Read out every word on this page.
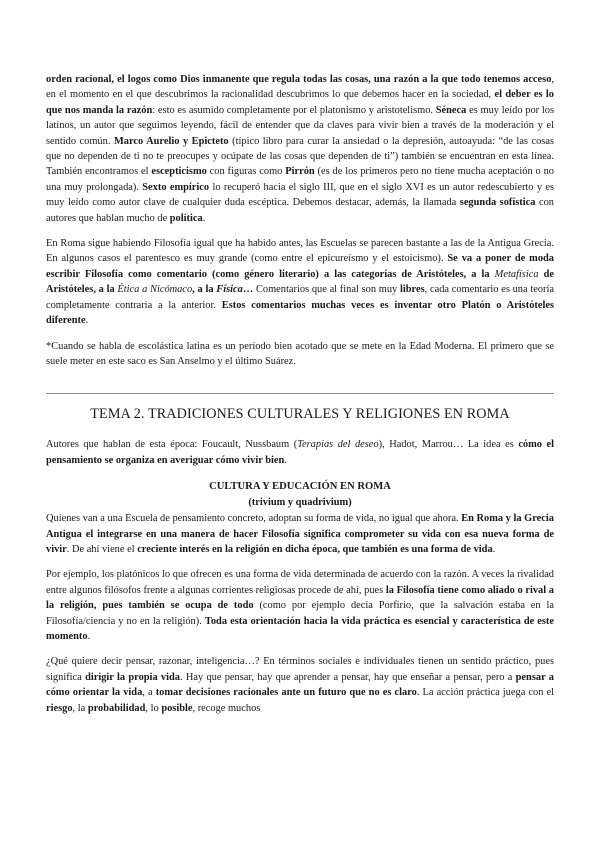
orden racional, el logos como Dios inmanente que regula todas las cosas, una razón a la que todo tenemos acceso, en el momento en el que descubrimos la racionalidad descubrimos lo que debemos hacer en la sociedad, el deber es lo que nos manda la razón: esto es asumido completamente por el platonismo y aristotelismo. Séneca es muy leído por los latinos, un autor que seguimos leyendo, fácil de entender que da claves para vivir bien a través de la moderación y el sentido común. Marco Aurelio y Epicteto (típico libro para curar la ansiedad o la depresión, autoayuda: “de las cosas que no dependen de ti no te preocupes y ocúpate de las cosas que dependen de ti”) también se encuentran en esta línea. También encontramos el escepticismo con figuras como Pirrón (es de los primeros pero no tiene mucha aceptación o no una muy prolongada). Sexto empírico lo recuperó hacia el siglo III, que en el siglo XVI es un autor redescubierto y es muy leído como autor clave de cualquier duda escéptica. Debemos destacar, además, la llamada segunda sofística con autores que hablan mucho de política.

En Roma sigue habiendo Filosofía igual que ha habido antes, las Escuelas se parecen bastante a las de la Antigua Grecia. En algunos casos el parentesco es muy grande (como entre el epicureísmo y el estoicismo). Se va a poner de moda escribir Filosofía como comentario (como género literario) a las categorías de Aristóteles, a la Metafísica de Aristóteles, a la Ética a Nicómaco, a la Física… Comentarios que al final son muy libres, cada comentario es una teoría completamente contraria a la anterior. Estos comentarios muchas veces es inventar otro Platón o Aristóteles diferente.

*Cuando se habla de escolástica latina es un período bien acotado que se mete en la Edad Moderna. El primero que se suele meter en este saco es San Anselmo y el último Suárez.

TEMA 2. TRADICIONES CULTURALES Y RELIGIONES EN ROMA

Autores que hablan de esta época: Foucault, Nussbaum (Terapias del deseo), Hadot, Marrou… La idea es cómo el pensamiento se organiza en averiguar cómo vivir bien.

CULTURA Y EDUCACIÓN EN ROMA
(trivium y quadrivium)

Quienes van a una Escuela de pensamiento concreto, adoptan su forma de vida, no igual que ahora. En Roma y la Grecia Antigua el integrarse en una manera de hacer Filosofía significa comprometer su vida con esa nueva forma de vivir. De ahí viene el creciente interés en la religión en dicha época, que también es una forma de vida.

Por ejemplo, los platónicos lo que ofrecen es una forma de vida determinada de acuerdo con la razón. A veces la rivalidad entre algunos filósofos frente a algunas corrientes religiosas procede de ahí, pues la Filosofía tiene como aliado o rival a la religión, pues también se ocupa de todo (como por ejemplo decía Porfirio, que la salvación estaba en la Filosofía/ciencia y no en la religión). Toda esta orientación hacia la vida práctica es esencial y característica de este momento.

¿Qué quiere decir pensar, razonar, inteligencia…? En términos sociales e individuales tienen un sentido práctico, pues significa dirigir la propia vida. Hay que pensar, hay que aprender a pensar, hay que enseñar a pensar, pero a pensar a cómo orientar la vida, a tomar decisiones racionales ante un futuro que no es claro. La acción práctica juega con el riesgo, la probabilidad, lo posible, recoge muchos
